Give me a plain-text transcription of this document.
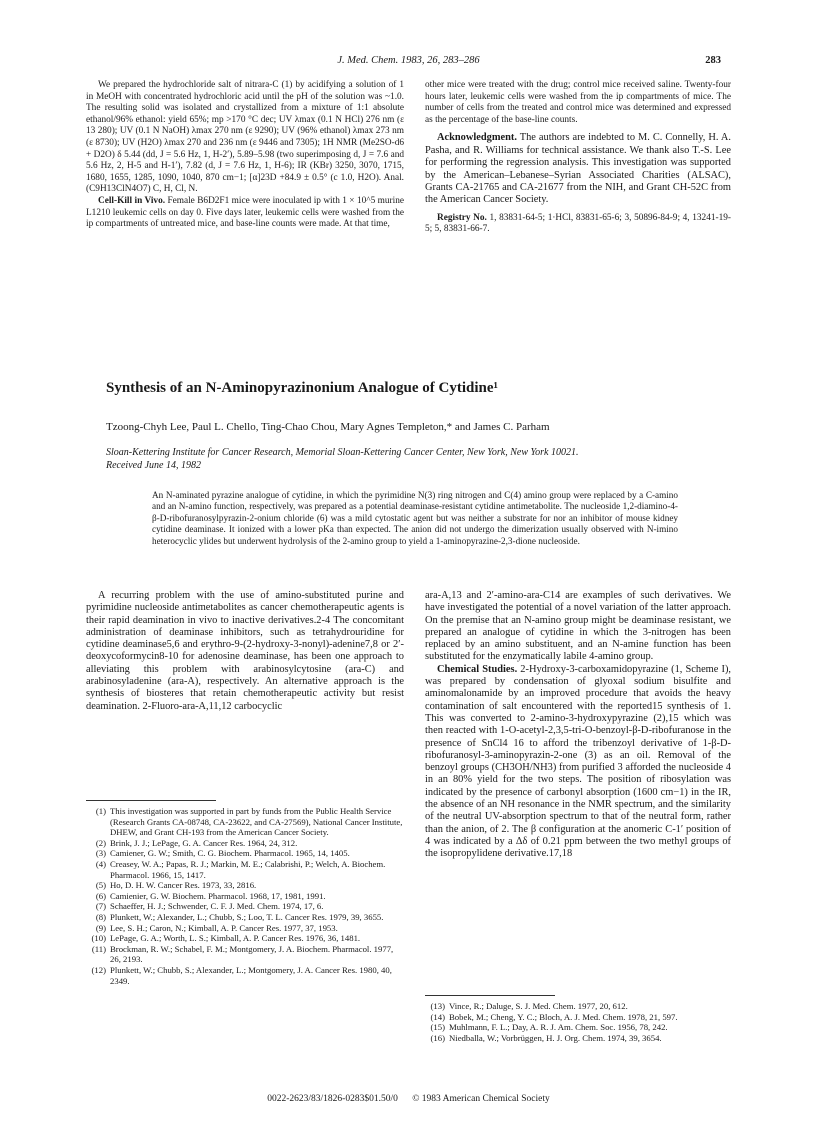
J. Med. Chem. 1983, 26, 283–286	283

We prepared the hydrochloride salt of nitrara-C (1) by acidifying a solution of 1 in MeOH with concentrated hydrochloric acid until the pH of the solution was ~1.0. The resulting solid was isolated and crystallized from a mixture of 1:1 absolute ethanol/96% ethanol: yield 65%; mp >170 °C dec; UV λmax (0.1 N HCl) 276 nm (ε 13 280); UV (0.1 N NaOH) λmax 270 nm (ε 9290); UV (96% ethanol) λmax 273 nm (ε 8730); UV (H2O) λmax 270 and 236 nm (ε 9446 and 7305); 1H NMR (Me2SO-d6 + D2O) δ 5.44 (dd, J = 5.6 Hz, 1, H-2′), 5.89–5.98 (two superimposing d, J = 7.6 and 5.6 Hz, 2, H-5 and H-1′), 7.82 (d, J = 7.6 Hz, 1, H-6); IR (KBr) 3250, 3070, 1715, 1680, 1655, 1285, 1090, 1040, 870 cm−1; [α]23D +84.9 ± 0.5° (c 1.0, H2O). Anal. (C9H13ClN4O7) C, H, Cl, N.

Cell-Kill in Vivo. Female B6D2F1 mice were inoculated ip with 1 × 10^5 murine L1210 leukemic cells on day 0. Five days later, leukemic cells were washed from the ip compartments of untreated mice, and base-line counts were made. At that time,

other mice were treated with the drug; control mice received saline. Twenty-four hours later, leukemic cells were washed from the ip compartments of mice. The number of cells from the treated and control mice was determined and expressed as the percentage of the base-line counts.

Acknowledgment. The authors are indebted to M. C. Connelly, H. A. Pasha, and R. Williams for technical assistance. We thank also T.-S. Lee for performing the regression analysis. This investigation was supported by the American–Lebanese–Syrian Associated Charities (ALSAC), Grants CA-21765 and CA-21677 from the NIH, and Grant CH-52C from the American Cancer Society.

Registry No. 1, 83831-64-5; 1·HCl, 83831-65-6; 3, 50896-84-9; 4, 13241-19-5; 5, 83831-66-7.

Synthesis of an N-Aminopyrazinonium Analogue of Cytidine¹
Tzoong-Chyh Lee, Paul L. Chello, Ting-Chao Chou, Mary Agnes Templeton,* and James C. Parham
Sloan-Kettering Institute for Cancer Research, Memorial Sloan-Kettering Cancer Center, New York, New York 10021.
Received June 14, 1982
An N-aminated pyrazine analogue of cytidine, in which the pyrimidine N(3) ring nitrogen and C(4) amino group were replaced by a C-amino and an N-amino function, respectively, was prepared as a potential deaminase-resistant cytidine antimetabolite. The nucleoside 1,2-diamino-4-β-D-ribofuranosylpyrazin-2-onium chloride (6) was a mild cytostatic agent but was neither a substrate for nor an inhibitor of mouse kidney cytidine deaminase. It ionized with a lower pKa than expected. The anion did not undergo the dimerization usually observed with N-imino heterocyclic ylides but underwent hydrolysis of the 2-amino group to yield a 1-aminopyrazine-2,3-dione nucleoside.

A recurring problem with the use of amino-substituted purine and pyrimidine nucleoside antimetabolites as cancer chemotherapeutic agents is their rapid deamination in vivo to inactive derivatives.2-4 The concomitant administration of deaminase inhibitors, such as tetrahydrouridine for cytidine deaminase5,6 and erythro-9-(2-hydroxy-3-nonyl)-adenine7,8 or 2′-deoxycoformycin8-10 for adenosine deaminase, has been one approach to alleviating this problem with arabinosylcytosine (ara-C) and arabinosyladenine (ara-A), respectively. An alternative approach is the synthesis of biosteres that retain chemotherapeutic activity but resist deamination. 2-Fluoro-ara-A,11,12 carbocyclic

ara-A,13 and 2′-amino-ara-C14 are examples of such derivatives. We have investigated the potential of a novel variation of the latter approach. On the premise that an N-amino group might be deaminase resistant, we prepared an analogue of cytidine in which the 3-nitrogen has been replaced by an amino substituent, and an N-amine function has been substituted for the enzymatically labile 4-amino group.

Chemical Studies. 2-Hydroxy-3-carboxamidopyrazine (1, Scheme I), was prepared by condensation of glyoxal sodium bisulfite and aminomalonamide by an improved procedure that avoids the heavy contamination of salt encountered with the reported15 synthesis of 1. This was converted to 2-amino-3-hydroxypyrazine (2),15 which was then reacted with 1-O-acetyl-2,3,5-tri-O-benzoyl-β-D-ribofuranose in the presence of SnCl4 16 to afford the tribenzoyl derivative of 1-β-D-ribofuranosyl-3-aminopyrazin-2-one (3) as an oil. Removal of the benzoyl groups (CH3OH/NH3) from purified 3 afforded the nucleoside 4 in an 80% yield for the two steps. The position of ribosylation was indicated by the presence of carbonyl absorption (1600 cm−1) in the IR, the absence of an NH resonance in the NMR spectrum, and the similarity of the neutral UV-absorption spectrum to that of the neutral form, rather than the anion, of 2. The β configuration at the anomeric C-1′ position of 4 was indicated by a Δδ of 0.21 ppm between the two methyl groups of the isopropylidene derivative.17,18

(1) This investigation was supported in part by funds from the Public Health Service (Research Grants CA-08748, CA-23622, and CA-27569), National Cancer Institute, DHEW, and Grant CH-193 from the American Cancer Society.
(2) Brink, J. J.; LePage, G. A. Cancer Res. 1964, 24, 312.
(3) Camiener, G. W.; Smith, C. G. Biochem. Pharmacol. 1965, 14, 1405.
(4) Creasey, W. A.; Papas, R. J.; Markin, M. E.; Calabrishi, P.; Welch, A. Biochem. Pharmacol. 1966, 15, 1417.
(5) Ho, D. H. W. Cancer Res. 1973, 33, 2816.
(6) Camienier, G. W. Biochem. Pharmacol. 1968, 17, 1981, 1991.
(7) Schaeffer, H. J.; Schwender, C. F. J. Med. Chem. 1974, 17, 6.
(8) Plunkett, W.; Alexander, L.; Chubb, S.; Loo, T. L. Cancer Res. 1979, 39, 3655.
(9) Lee, S. H.; Caron, N.; Kimball, A. P. Cancer Res. 1977, 37, 1953.
(10) LePage, G. A.; Worth, L. S.; Kimball, A. P. Cancer Res. 1976, 36, 1481.
(11) Brockman, R. W.; Schabel, F. M.; Montgomery, J. A. Biochem. Pharmacol. 1977, 26, 2193.
(12) Plunkett, W.; Chubb, S.; Alexander, L.; Montgomery, J. A. Cancer Res. 1980, 40, 2349.
(13) Vince, R.; Daluge, S. J. Med. Chem. 1977, 20, 612.
(14) Bobek, M.; Cheng, Y. C.; Bloch, A. J. Med. Chem. 1978, 21, 597.
(15) Muhlmann, F. L.; Day, A. R. J. Am. Chem. Soc. 1956, 78, 242.
(16) Niedballa, W.; Vorbrüggen, H. J. Org. Chem. 1974, 39, 3654.
0022-2623/83/1826-0283$01.50/0 © 1983 American Chemical Society
